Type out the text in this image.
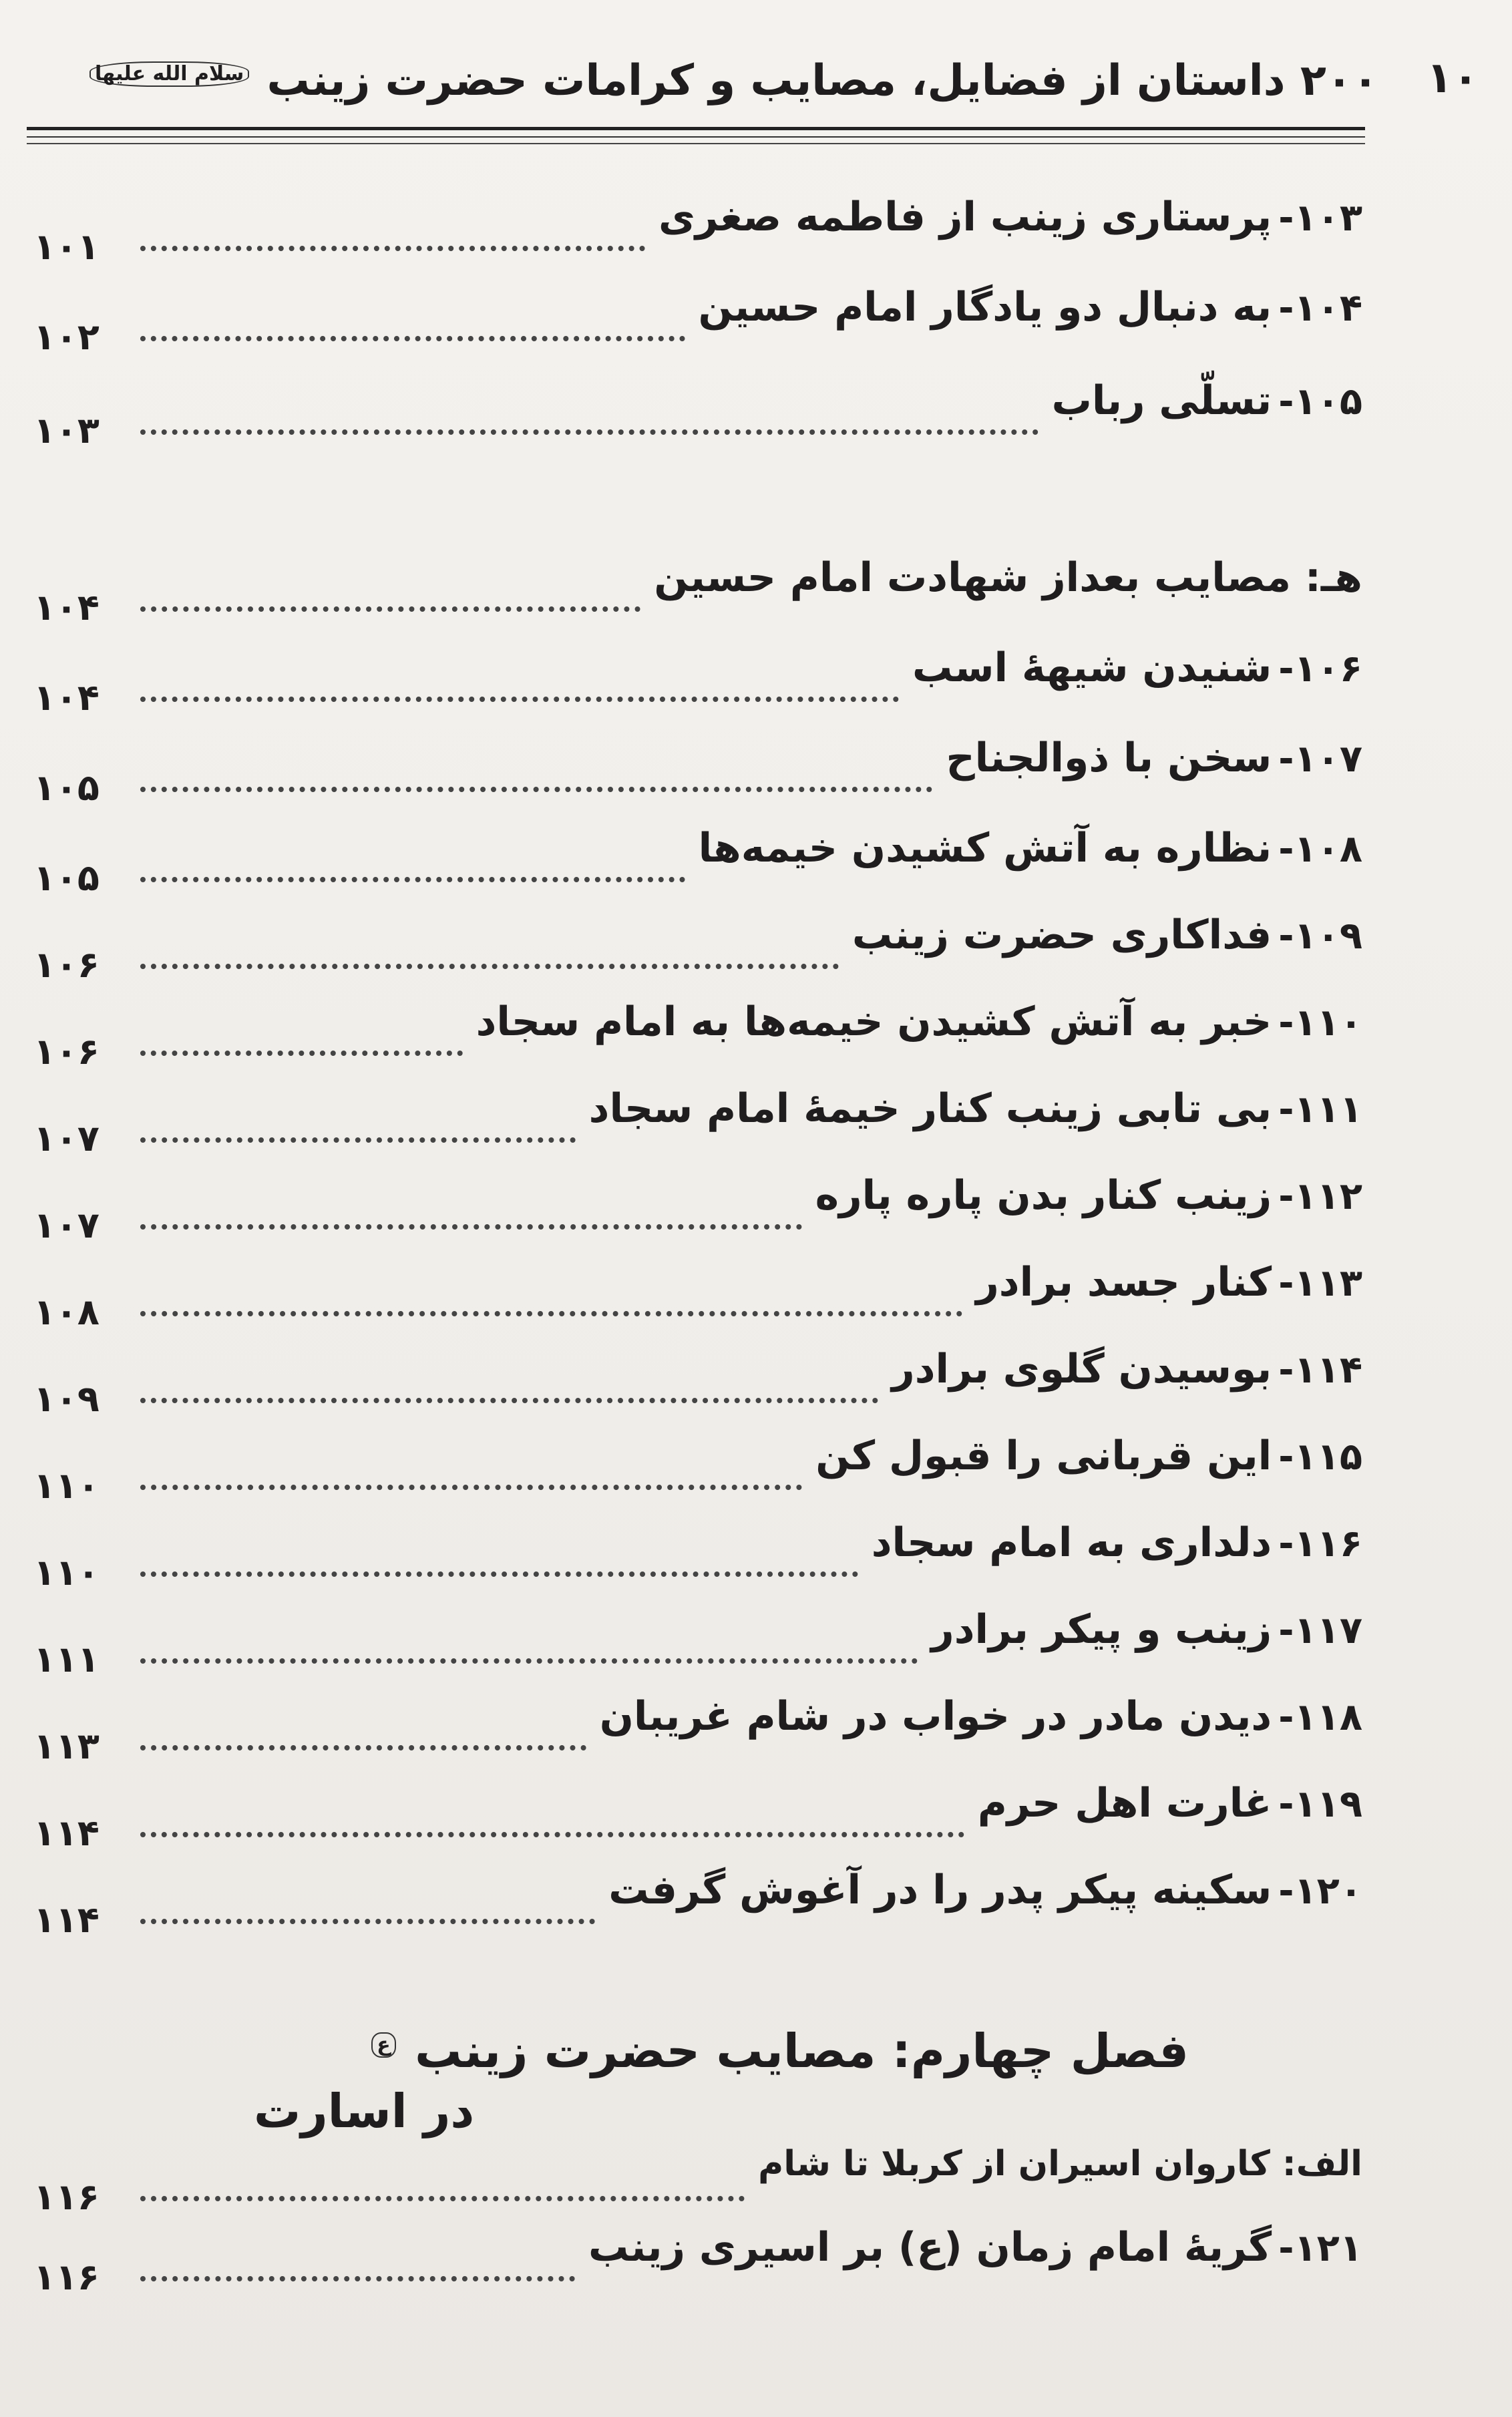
۱۰
۲۰۰ داستان از فضایل، مصایب و کرامات حضرت زینب سلام الله علیها
۱۰۳-
پرستاری زینب از فاطمه صغری
۱۰۱
۱۰۴-
به دنبال دو یادگار امام حسین
۱۰۲
۱۰۵-
تسلّی رباب
۱۰۳
هـ: مصایب بعداز شهادت امام حسین
۱۰۴
۱۰۶-
شنیدن شیههٔ اسب
۱۰۴
۱۰۷-
سخن با ذوالجناح
۱۰۵
۱۰۸-
نظاره به آتش کشیدن خیمه‌ها
۱۰۵
۱۰۹-
فداکاری حضرت زینب
۱۰۶
۱۱۰-
خبر به آتش کشیدن خیمه‌ها به امام سجاد
۱۰۶
۱۱۱-
بی تابی زینب کنار خیمهٔ امام سجاد
۱۰۷
۱۱۲-
زینب کنار بدن پاره پاره
۱۰۷
۱۱۳-
کنار جسد برادر
۱۰۸
۱۱۴-
بوسیدن گلوی برادر
۱۰۹
۱۱۵-
این قربانی را قبول کن
۱۱۰
۱۱۶-
دلداری به امام سجاد
۱۱۰
۱۱۷-
زینب و پیکر برادر
۱۱۱
۱۱۸-
دیدن مادر در خواب در شام غریبان
۱۱۳
۱۱۹-
غارت اهل حرم
۱۱۴
۱۲۰-
سکینه پیکر پدر را در آغوش گرفت
۱۱۴
فصل چهارم: مصایب حضرت زینب ع
در اسارت
الف: کاروان اسیران از کربلا تا شام
۱۱۶
۱۲۱-
گریهٔ امام زمان (ع) بر اسیری زینب
۱۱۶
